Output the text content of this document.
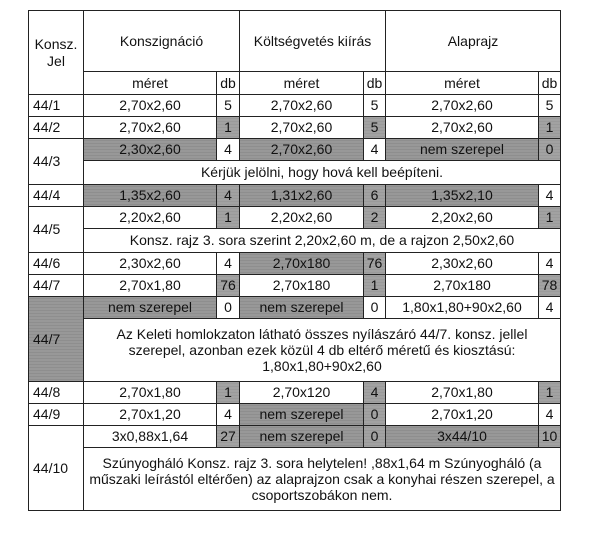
Konsz.
Jel	Konszignáció		Költségvetés kiírás		Alaprajz	
	méret	db	méret	db	méret	db
44/1	2,70x2,60	5	2,70x2,60	5	2,70x2,60	5
44/2	2,70x2,60	1	2,70x2,60	5	2,70x2,60	1
44/3	2,30x2,60	4	2,70x2,60	4	nem szerepel	0
	Kérjük jelölni, hogy hová kell beépíteni.					
44/4	1,35x2,60	4	1,31x2,60	6	1,35x2,10	4
44/5	2,20x2,60	1	2,20x2,60	2	2,20x2,60	1
	Konsz. rajz 3. sora szerint 2,20x2,60 m, de a rajzon 2,50x2,60					
44/6	2,30x2,60	4	2,70x180	76	2,30x2,60	4
44/7	2,70x1,80	76	2,70x180	1	2,70x180	78
44/7	nem szerepel	0	nem szerepel	0	1,80x1,80+90x2,60	4
	Az Keleti homlokzaton látható összes nyílászáró 44/7. konsz. jellel szerepel, azonban ezek közül 4 db eltérő méretű és kiosztású: 1,80x1,80+90x2,60					
44/8	2,70x1,80	1	2,70x120	4	2,70x1,80	1
44/9	2,70x1,20	4	nem szerepel	0	2,70x1,20	4
44/10	3x0,88x1,64	27	nem szerepel	0	3x44/10	10
	Szúnyogháló Konsz. rajz 3. sora helytelen! ,88x1,64 m Szúnyogháló (a műszaki leírástól eltérően) az alaprajzon csak a konyhai részen szerepel, a csoportszobákon nem.					
